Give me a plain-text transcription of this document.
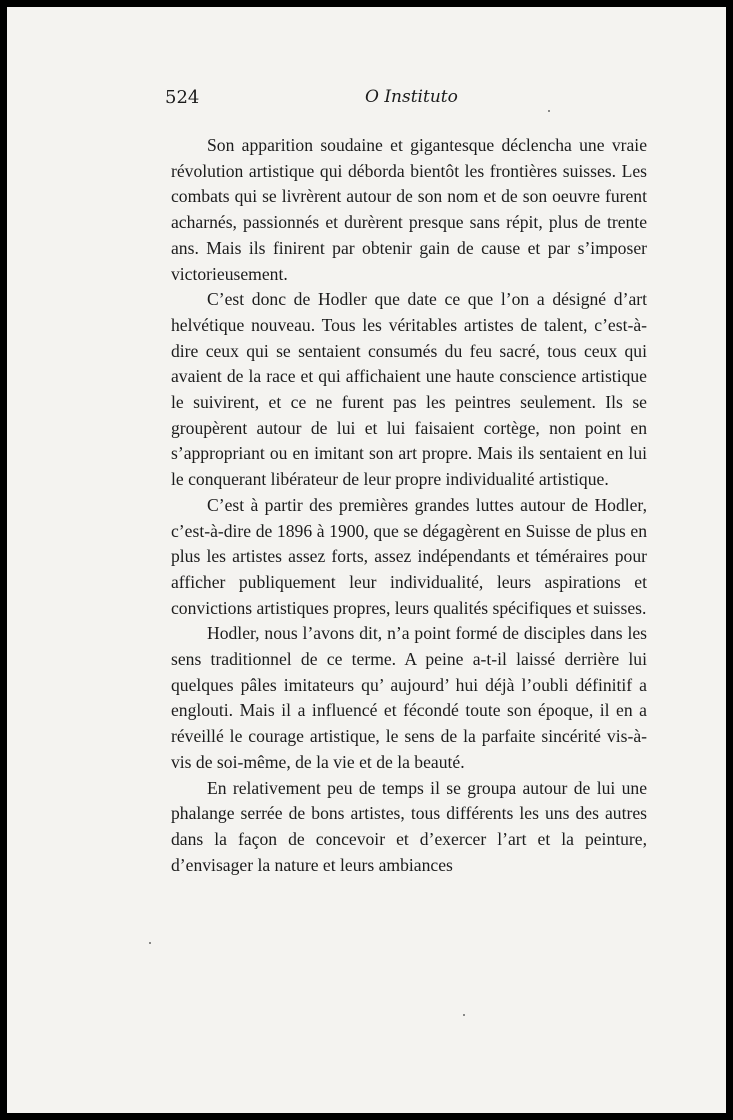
524	O Instituto

Son apparition soudaine et gigantesque déclencha une vraie révolution artistique qui déborda bientôt les frontières suisses. Les combats qui se livrèrent autour de son nom et de son oeuvre furent acharnés, passionnés et durèrent presque sans répit, plus de trente ans. Mais ils finirent par obtenir gain de cause et par s’imposer victorieusement.

C’est donc de Hodler que date ce que l’on a désigné d’art helvétique nouveau. Tous les véritables artistes de talent, c’est-à-dire ceux qui se sentaient consumés du feu sacré, tous ceux qui avaient de la race et qui affichaient une haute conscience artistique le suivirent, et ce ne furent pas les peintres seulement. Ils se groupèrent autour de lui et lui faisaient cortège, non point en s’appropriant ou en imitant son art propre. Mais ils sentaient en lui le conquerant libérateur de leur propre individualité artistique.

C’est à partir des premières grandes luttes autour de Hodler, c’est-à-dire de 1896 à 1900, que se dégagèrent en Suisse de plus en plus les artistes assez forts, assez indépendants et téméraires pour afficher publiquement leur individualité, leurs aspirations et convictions artistiques propres, leurs qualités spécifiques et suisses.

Hodler, nous l’avons dit, n’a point formé de disciples dans les sens traditionnel de ce terme. A peine a-t-il laissé derrière lui quelques pâles imitateurs qu’ aujourd’ hui déjà l’oubli définitif a englouti. Mais il a influencé et fécondé toute son époque, il en a réveillé le courage artistique, le sens de la parfaite sincérité vis-à-vis de soi-même, de la vie et de la beauté.

En relativement peu de temps il se groupa autour de lui une phalange serrée de bons artistes, tous différents les uns des autres dans la façon de concevoir et d’exercer l’art et la peinture, d’envisager la nature et leurs ambiances
